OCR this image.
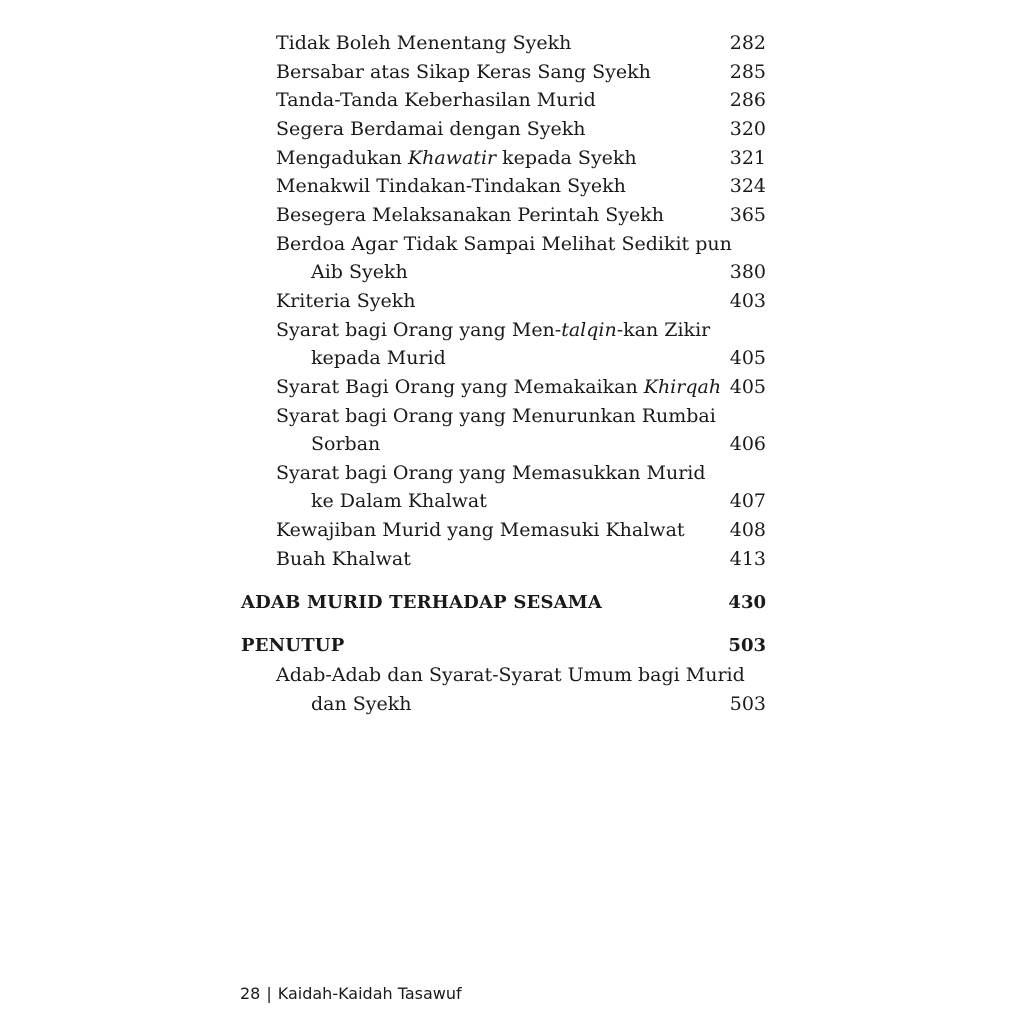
Tidak Boleh Menentang Syekh	282
Bersabar atas Sikap Keras Sang Syekh	285
Tanda-Tanda Keberhasilan Murid	286
Segera Berdamai dengan Syekh	320
Mengadukan Khawatir kepada Syekh	321
Menakwil Tindakan-Tindakan Syekh	324
Besegera Melaksanakan Perintah Syekh	365
Berdoa Agar Tidak Sampai Melihat Sedikit pun
Aib Syekh	380
Kriteria Syekh	403
Syarat bagi Orang yang Men-talqin-kan Zikir
kepada Murid	405
Syarat Bagi Orang yang Memakaikan Khirqah 405
Syarat bagi Orang yang Menurunkan Rumbai
Sorban	406
Syarat bagi Orang yang Memasukkan Murid
ke Dalam Khalwat	407
Kewajiban Murid yang Memasuki Khalwat 408
Buah Khalwat	413
ADAB MURID TERHADAP SESAMA	430
PENUTUP	503
Adab-Adab dan Syarat-Syarat Umum bagi Murid
dan Syekh	503
28 | Kaidah-Kaidah Tasawuf
